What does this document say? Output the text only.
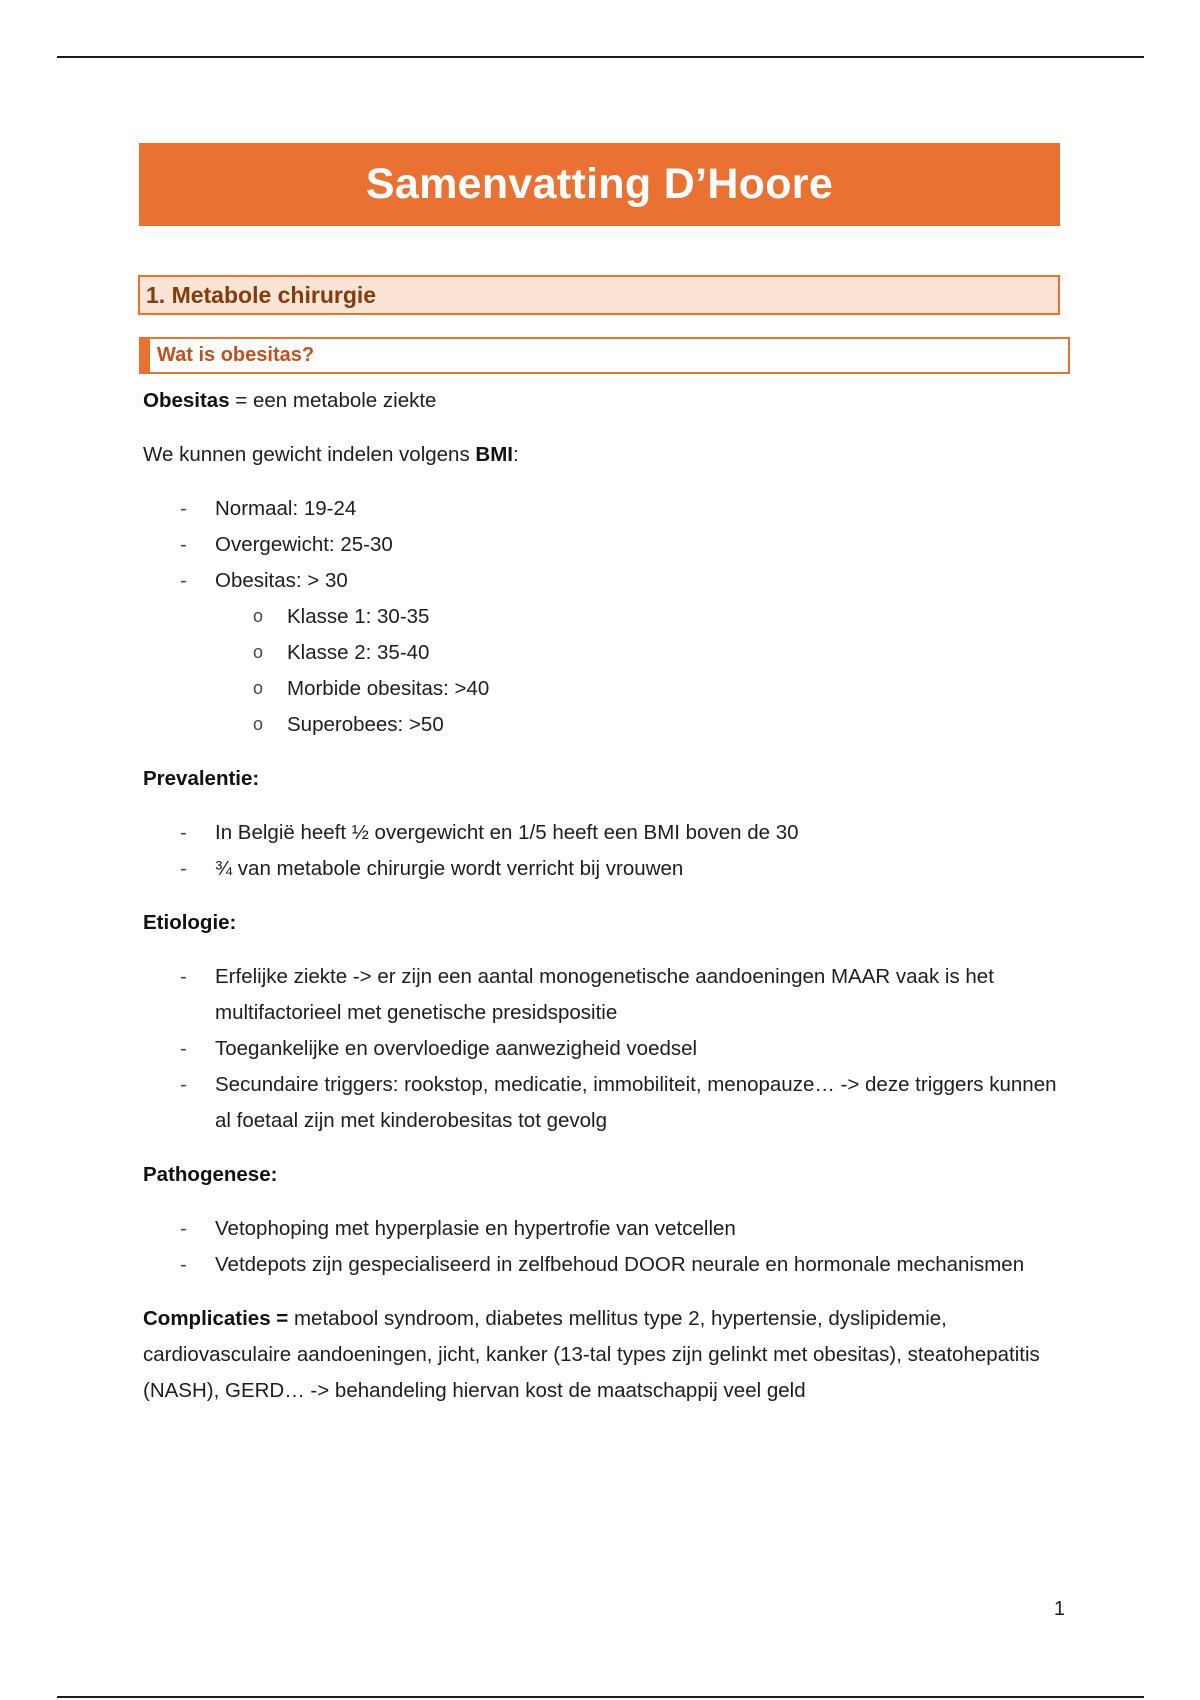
Samenvatting D’Hoore
1. Metabole chirurgie
Wat is obesitas?

Obesitas = een metabole ziekte

We kunnen gewicht indelen volgens BMI:

- Normaal: 19-24
- Overgewicht: 25-30
- Obesitas: > 30
o Klasse 1: 30-35
o Klasse 2: 35-40
o Morbide obesitas: >40
o Superobees: >50

Prevalentie:

- In België heeft ½ overgewicht en 1/5 heeft een BMI boven de 30
- ¾ van metabole chirurgie wordt verricht bij vrouwen

Etiologie:

- Erfelijke ziekte -> er zijn een aantal monogenetische aandoeningen MAAR vaak is het multifactorieel met genetische presidspositie
- Toegankelijke en overvloedige aanwezigheid voedsel
- Secundaire triggers: rookstop, medicatie, immobiliteit, menopauze… -> deze triggers kunnen al foetaal zijn met kinderobesitas tot gevolg

Pathogenese:

- Vetophoping met hyperplasie en hypertrofie van vetcellen
- Vetdepots zijn gespecialiseerd in zelfbehoud DOOR neurale en hormonale mechanismen

Complicaties = metabool syndroom, diabetes mellitus type 2, hypertensie, dyslipidemie, cardiovasculaire aandoeningen, jicht, kanker (13-tal types zijn gelinkt met obesitas), steatohepatitis (NASH), GERD… -> behandeling hiervan kost de maatschappij veel geld

1
